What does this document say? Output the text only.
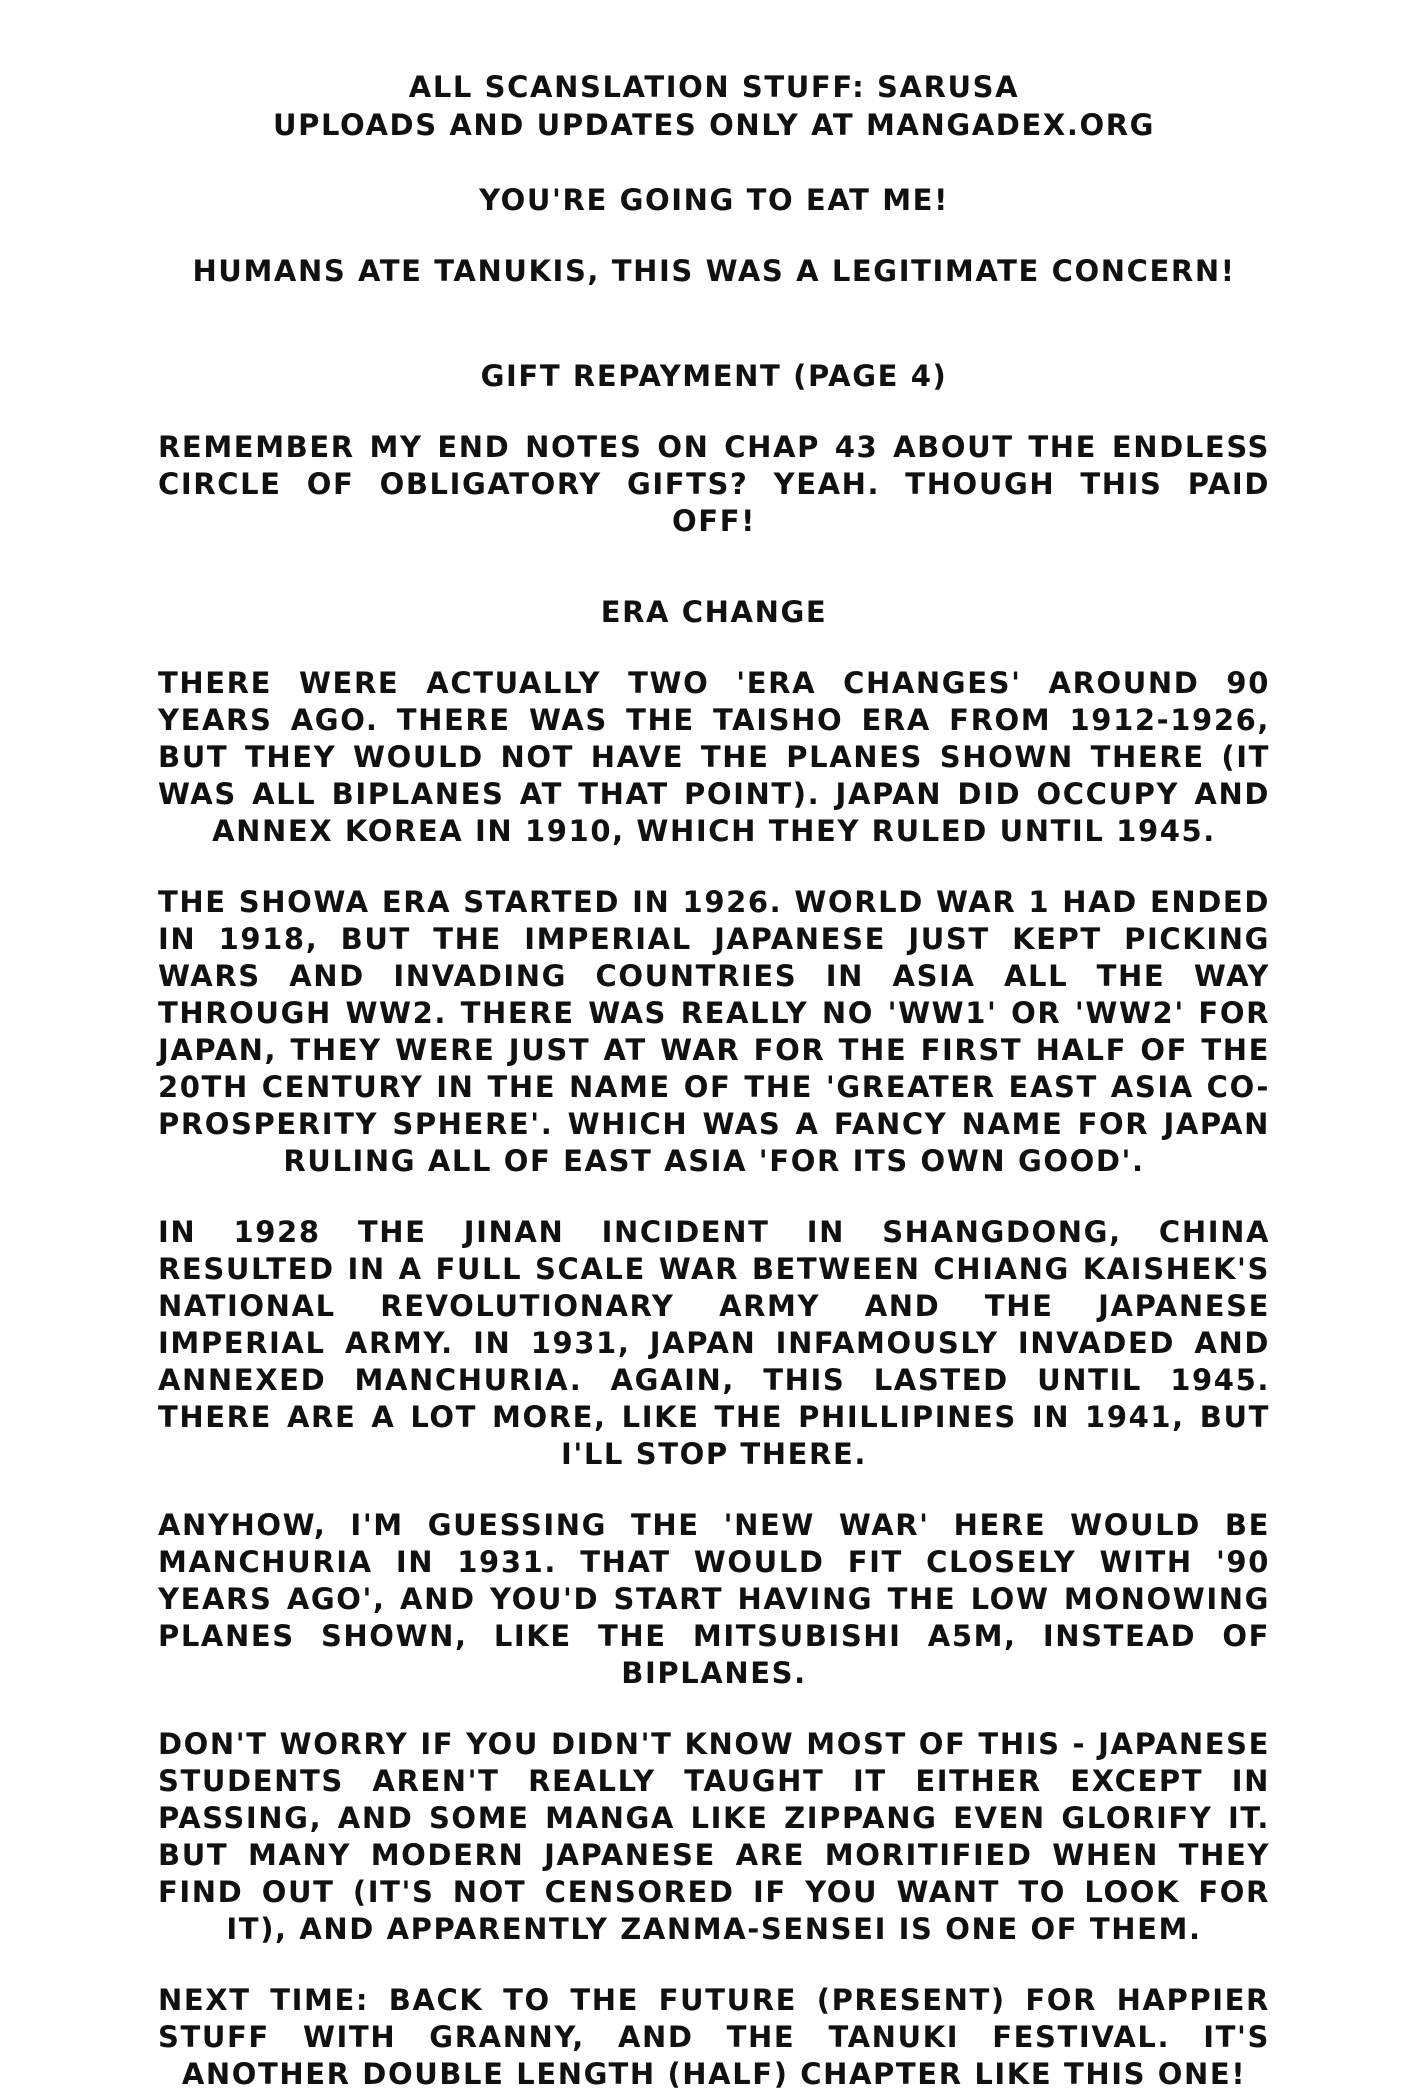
ALL SCANSLATION STUFF: SARUSA
UPLOADS AND UPDATES ONLY AT MANGADEX.ORG
YOU'RE GOING TO EAT ME!
HUMANS ATE TANUKIS, THIS WAS A LEGITIMATE CONCERN!
GIFT REPAYMENT (PAGE 4)

REMEMBER MY END NOTES ON CHAP 43 ABOUT THE ENDLESS CIRCLE OF OBLIGATORY GIFTS? YEAH. THOUGH THIS PAID OFF!

ERA CHANGE

THERE WERE ACTUALLY TWO 'ERA CHANGES' AROUND 90 YEARS AGO. THERE WAS THE TAISHO ERA FROM 1912-1926, BUT THEY WOULD NOT HAVE THE PLANES SHOWN THERE (IT WAS ALL BIPLANES AT THAT POINT). JAPAN DID OCCUPY AND ANNEX KOREA IN 1910, WHICH THEY RULED UNTIL 1945.

THE SHOWA ERA STARTED IN 1926. WORLD WAR 1 HAD ENDED IN 1918, BUT THE IMPERIAL JAPANESE JUST KEPT PICKING WARS AND INVADING COUNTRIES IN ASIA ALL THE WAY THROUGH WW2. THERE WAS REALLY NO 'WW1' OR 'WW2' FOR JAPAN, THEY WERE JUST AT WAR FOR THE FIRST HALF OF THE 20TH CENTURY IN THE NAME OF THE 'GREATER EAST ASIA CO-PROSPERITY SPHERE'. WHICH WAS A FANCY NAME FOR JAPAN RULING ALL OF EAST ASIA 'FOR ITS OWN GOOD'.

IN 1928 THE JINAN INCIDENT IN SHANGDONG, CHINA RESULTED IN A FULL SCALE WAR BETWEEN CHIANG KAISHEK'S NATIONAL REVOLUTIONARY ARMY AND THE JAPANESE IMPERIAL ARMY. IN 1931, JAPAN INFAMOUSLY INVADED AND ANNEXED MANCHURIA. AGAIN, THIS LASTED UNTIL 1945. THERE ARE A LOT MORE, LIKE THE PHILLIPINES IN 1941, BUT I'LL STOP THERE.

ANYHOW, I'M GUESSING THE 'NEW WAR' HERE WOULD BE MANCHURIA IN 1931. THAT WOULD FIT CLOSELY WITH '90 YEARS AGO', AND YOU'D START HAVING THE LOW MONOWING PLANES SHOWN, LIKE THE MITSUBISHI A5M, INSTEAD OF BIPLANES.

DON'T WORRY IF YOU DIDN'T KNOW MOST OF THIS - JAPANESE STUDENTS AREN'T REALLY TAUGHT IT EITHER EXCEPT IN PASSING, AND SOME MANGA LIKE ZIPPANG EVEN GLORIFY IT. BUT MANY MODERN JAPANESE ARE MORITIFIED WHEN THEY FIND OUT (IT'S NOT CENSORED IF YOU WANT TO LOOK FOR IT), AND APPARENTLY ZANMA-SENSEI IS ONE OF THEM.

NEXT TIME: BACK TO THE FUTURE (PRESENT) FOR HAPPIER STUFF WITH GRANNY, AND THE TANUKI FESTIVAL. IT'S ANOTHER DOUBLE LENGTH (HALF) CHAPTER LIKE THIS ONE!
